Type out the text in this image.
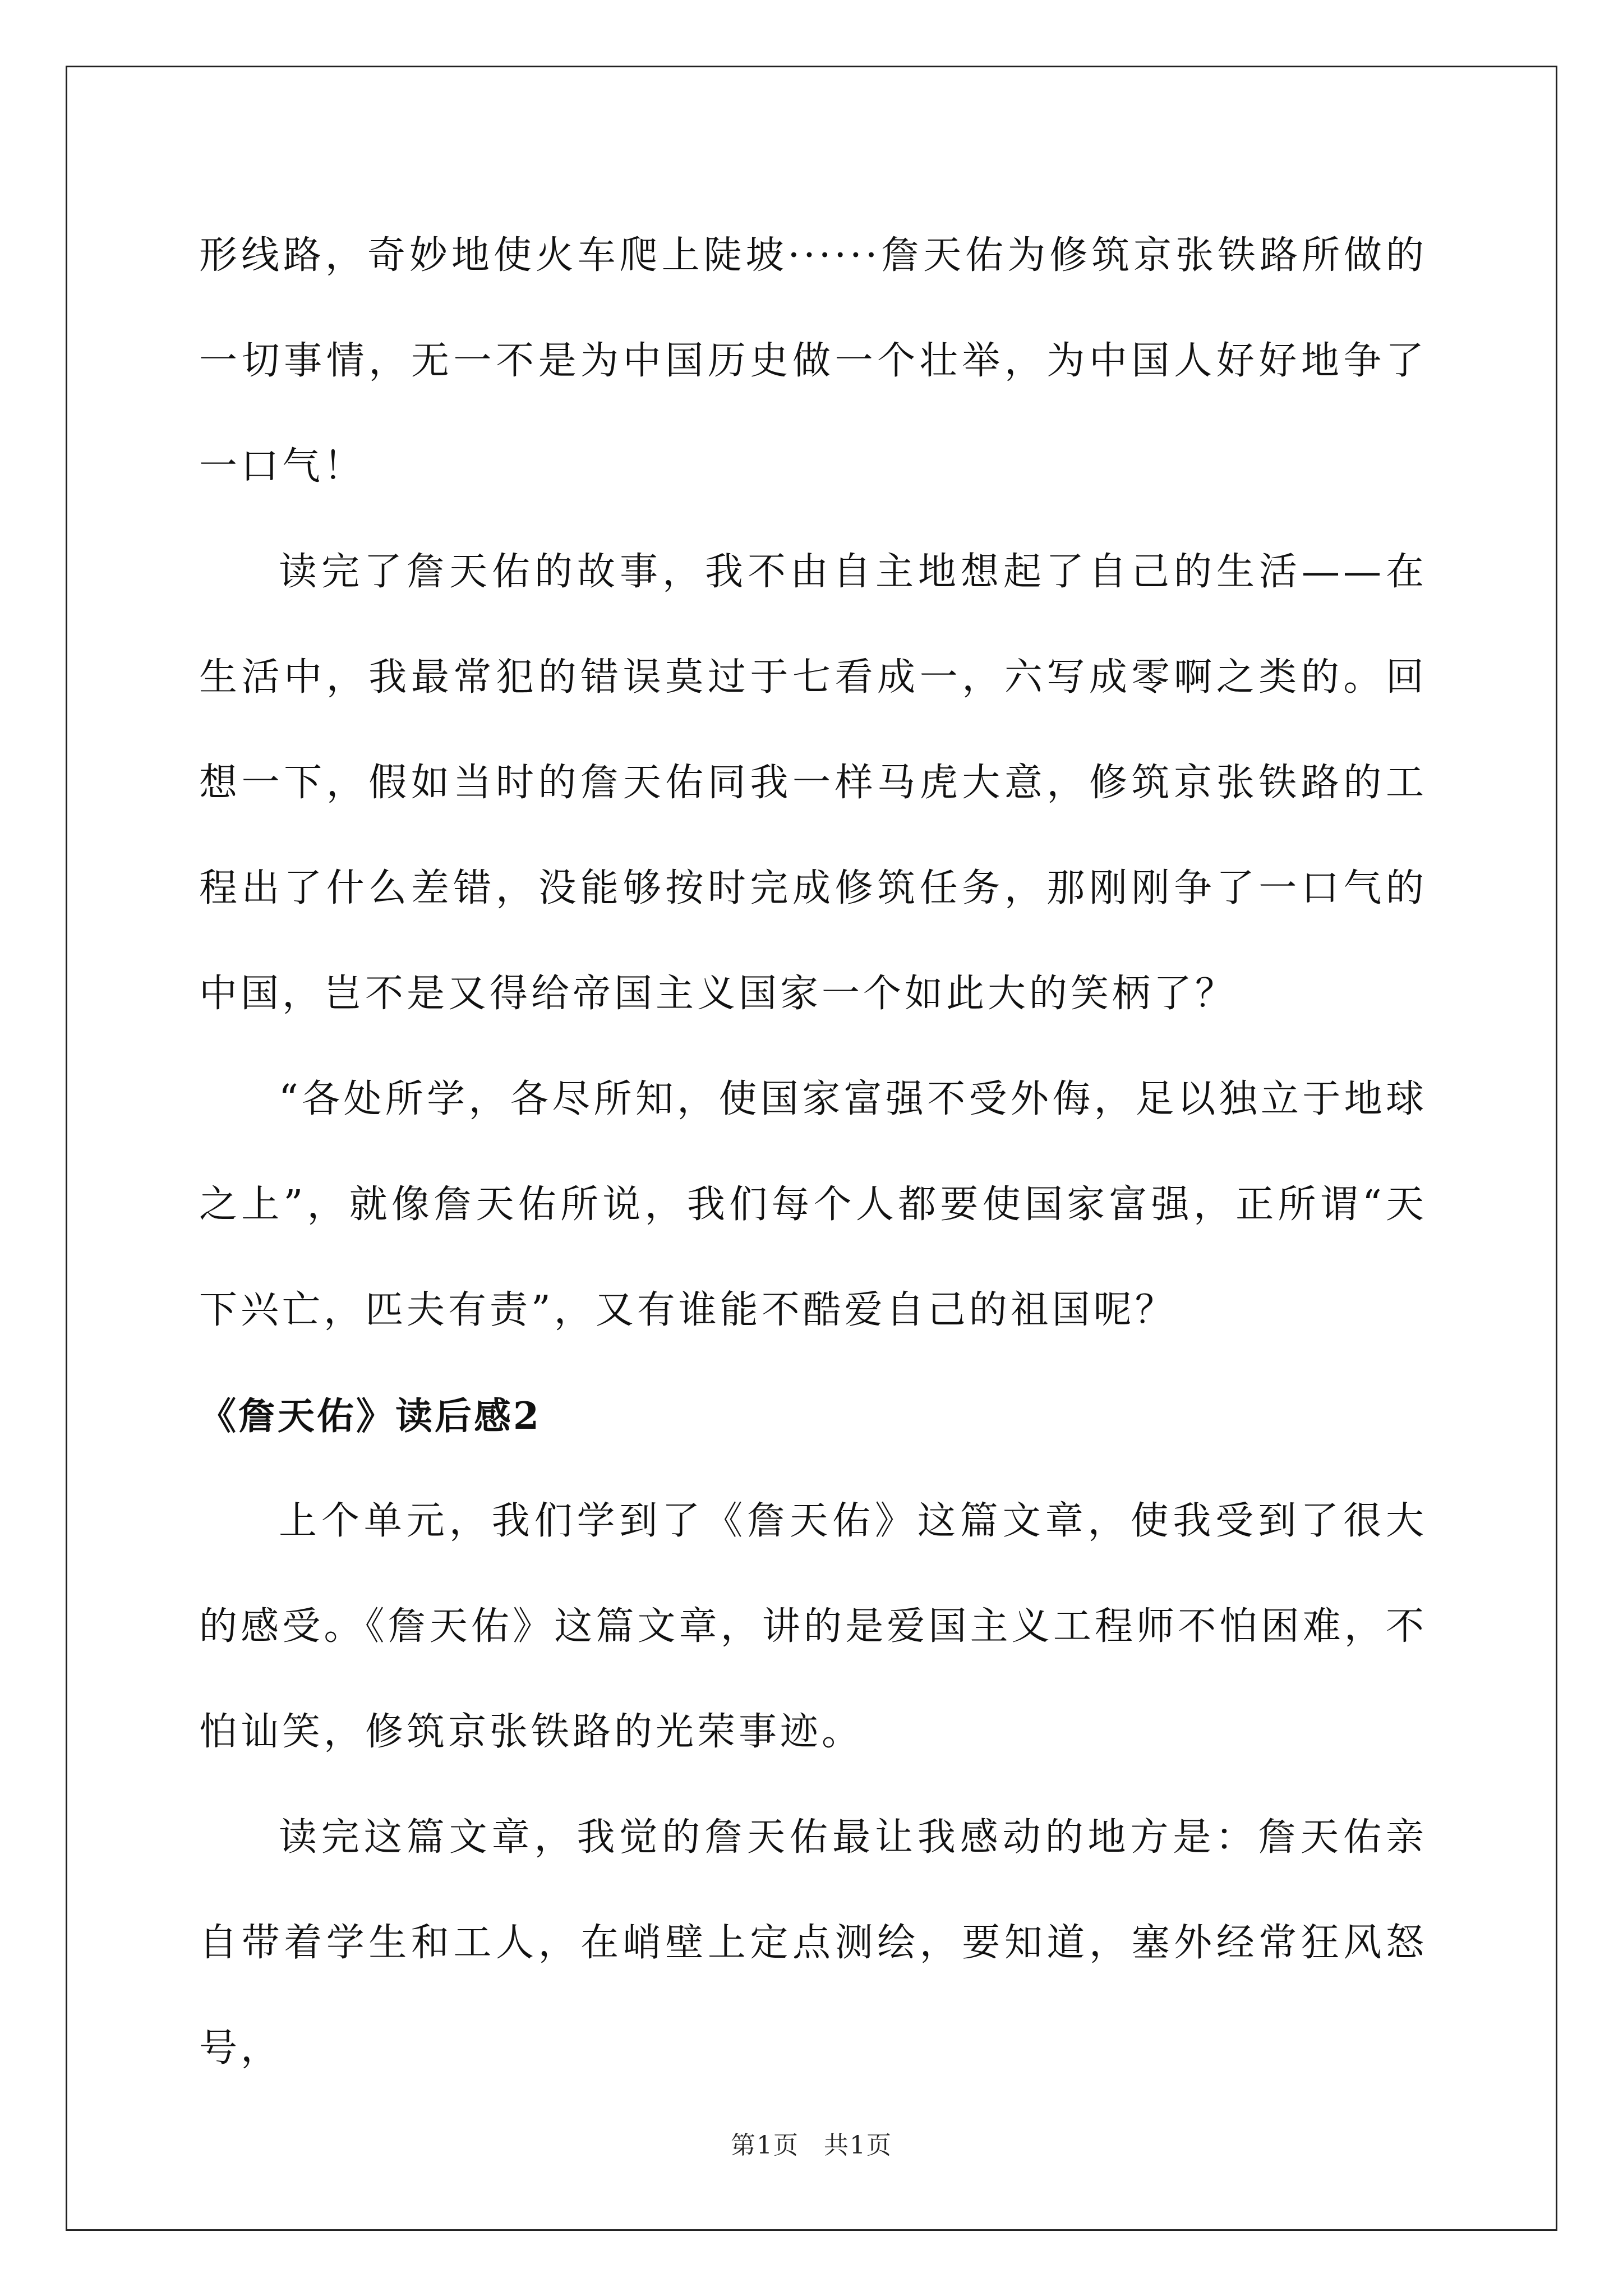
形线路，奇妙地使火车爬上陡坡······詹天佑为修筑京张铁路所做的一切事情，无一不是为中国历史做一个壮举，为中国人好好地争了一口气！

读完了詹天佑的故事，我不由自主地想起了自己的生活——在生活中，我最常犯的错误莫过于七看成一，六写成零啊之类的。回想一下，假如当时的詹天佑同我一样马虎大意，修筑京张铁路的工程出了什么差错，没能够按时完成修筑任务，那刚刚争了一口气的中国，岂不是又得给帝国主义国家一个如此大的笑柄了？

“各处所学，各尽所知，使国家富强不受外侮，足以独立于地球之上”，就像詹天佑所说，我们每个人都要使国家富强，正所谓“天下兴亡，匹夫有责”，又有谁能不酷爱自己的祖国呢？

《詹天佑》读后感2

上个单元，我们学到了《詹天佑》这篇文章，使我受到了很大的感受。《詹天佑》这篇文章，讲的是爱国主义工程师不怕困难，不怕讪笑，修筑京张铁路的光荣事迹。

读完这篇文章，我觉的詹天佑最让我感动的地方是：詹天佑亲自带着学生和工人，在峭壁上定点测绘，要知道，塞外经常狂风怒号，

第1页 共1页
